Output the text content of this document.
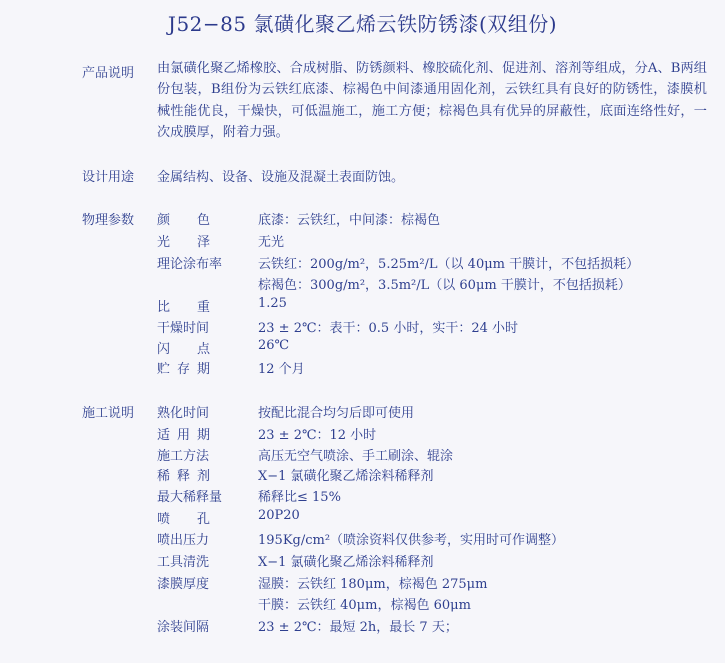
J52−85 氯磺化聚乙烯云铁防锈漆(双组份)
产品说明 由氯磺化聚乙烯橡胶、合成树脂、防锈颜料、橡胶硫化剂、促进剂、溶剂等组成，分A、B两组份包装，B组份为云铁红底漆、棕褐色中间漆通用固化剂，云铁红具有良好的防锈性，漆膜机械性能优良，干燥快，可低温施工，施工方便；棕褐色具有优异的屏蔽性，底面连络性好，一次成膜厚，附着力强。
设计用途 金属结构、设备、设施及混凝土表面防蚀。
物理参数 颜色	底漆：云铁红，中间漆：棕褐色
光泽	无光
理论涂布率	云铁红：200g/m²，5.25m²/L（以 40μm 干膜计，不包括损耗）
棕褐色：300g/m²，3.5m²/L（以 60μm 干膜计，不包括损耗）
比重	1.25
干燥时间	23 ± 2℃：表干：0.5 小时，实干：24 小时
闪点	26℃
贮存期	12 个月
施工说明 熟化时间	按配比混合均匀后即可使用
适用期	23 ± 2℃：12 小时
施工方法	高压无空气喷涂、手工刷涂、辊涂
稀释剂	X−1 氯磺化聚乙烯涂料稀释剂
最大稀释量	稀释比≤ 15%
喷孔	20P20
喷出压力	195Kg/cm²（喷涂资料仅供参考，实用时可作调整）
工具清洗	X−1 氯磺化聚乙烯涂料稀释剂
漆膜厚度	湿膜：云铁红 180μm，棕褐色 275μm
干膜：云铁红 40μm，棕褐色 60μm
涂装间隔	23 ± 2℃：最短 2h，最长 7 天；
